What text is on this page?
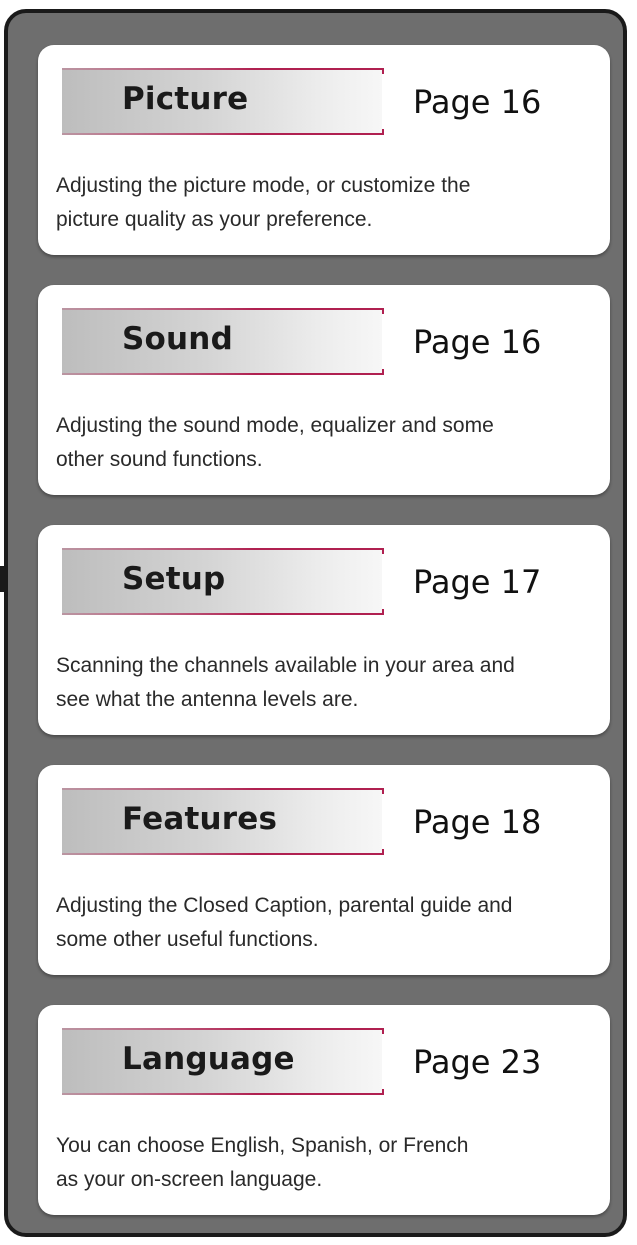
Picture	Page 16
Adjusting the picture mode, or customize the
picture quality as your preference.
Sound	Page 16
Adjusting the sound mode, equalizer and some
other sound functions.
Setup	Page 17
Scanning the channels available in your area and
see what the antenna levels are.
Features	Page 18
Adjusting the Closed Caption, parental guide and
some other useful functions.
Language	Page 23
You can choose English, Spanish, or French
as your on-screen language.
